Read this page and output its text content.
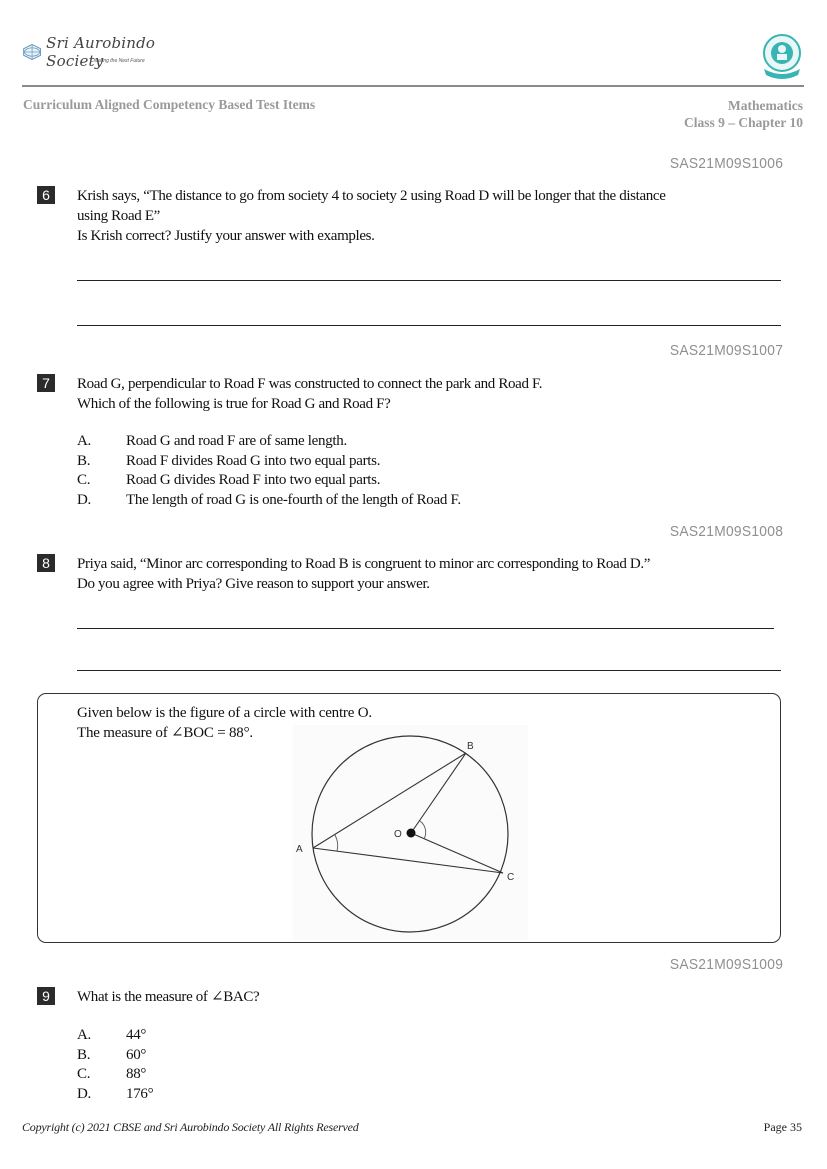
Sri Aurobindo Society
Creating the Next Future
Curriculum Aligned Competency Based Test Items	Mathematics
Class 9 – Chapter 10
SAS21M09S1006
6	Krish says, “The distance to go from society 4 to society 2 using Road D will be longer that the distance
using Road E”
Is Krish correct? Justify your answer with examples.
SAS21M09S1007
7	Road G, perpendicular to Road F was constructed to connect the park and Road F.
Which of the following is true for Road G and Road F?
A. Road G and road F are of same length.
B. Road F divides Road G into two equal parts.
C. Road G divides Road F into two equal parts.
D. The length of road G is one-fourth of the length of Road F.
SAS21M09S1008
8	Priya said, “Minor arc corresponding to Road B is congruent to minor arc corresponding to Road D.”
Do you agree with Priya? Give reason to support your answer.
Given below is the figure of a circle with centre O.
The measure of ∠BOC = 88°.
A
B
C
O
SAS21M09S1009
9	What is the measure of ∠BAC?
A. 44°
B. 60°
C. 88°
D. 176°
Copyright (c) 2021 CBSE and Sri Aurobindo Society All Rights Reserved	Page 35
